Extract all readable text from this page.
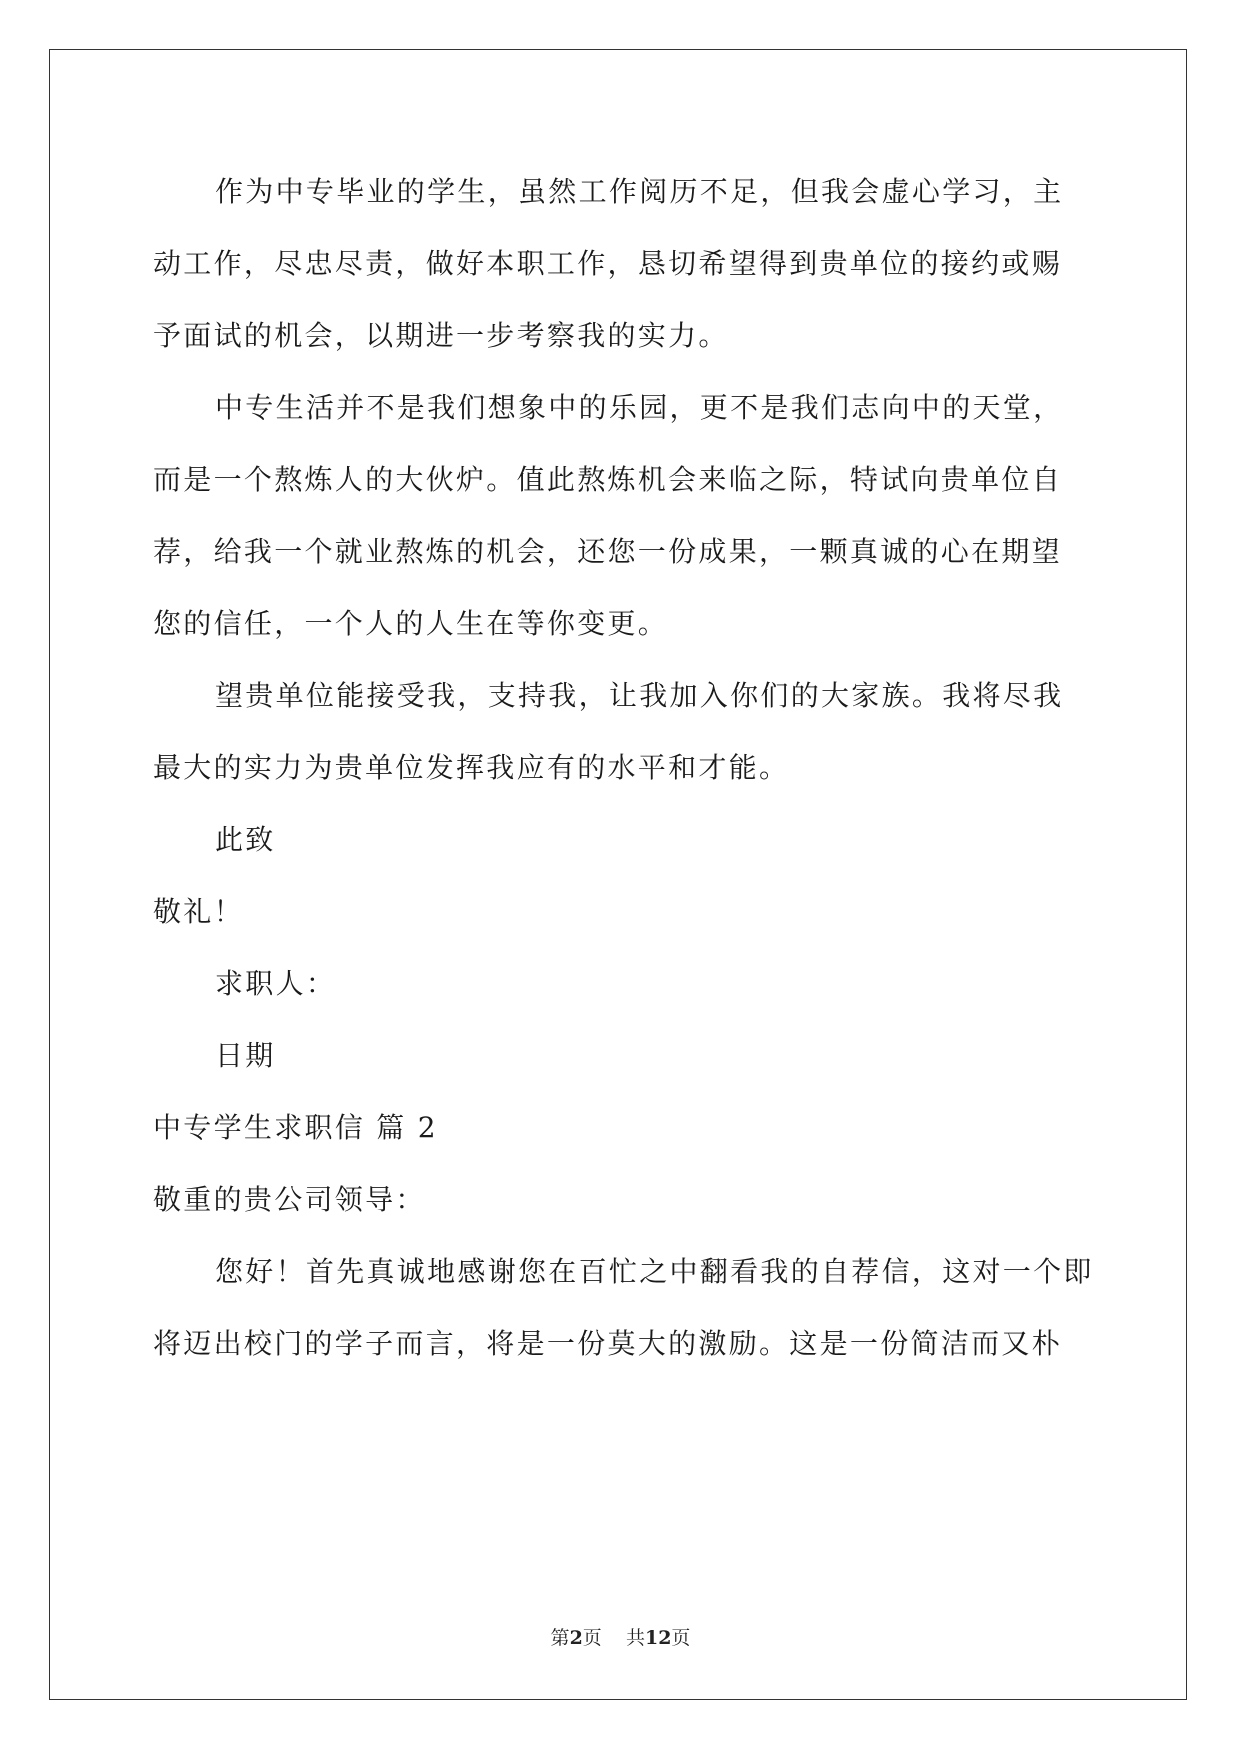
作为中专毕业的学生，虽然工作阅历不足，但我会虚心学习，主
动工作，尽忠尽责，做好本职工作，恳切希望得到贵单位的接约或赐
予面试的机会，以期进一步考察我的实力。
中专生活并不是我们想象中的乐园，更不是我们志向中的天堂，
而是一个熬炼人的大伙炉。值此熬炼机会来临之际，特试向贵单位自
荐，给我一个就业熬炼的机会，还您一份成果，一颗真诚的心在期望
您的信任，一个人的人生在等你变更。
望贵单位能接受我，支持我，让我加入你们的大家族。我将尽我
最大的实力为贵单位发挥我应有的水平和才能。
此致
敬礼！
求职人：
日期
中专学生求职信 篇 2
敬重的贵公司领导：
您好！首先真诚地感谢您在百忙之中翻看我的自荐信，这对一个即
将迈出校门的学子而言，将是一份莫大的激励。这是一份简洁而又朴
第2页    共12页
